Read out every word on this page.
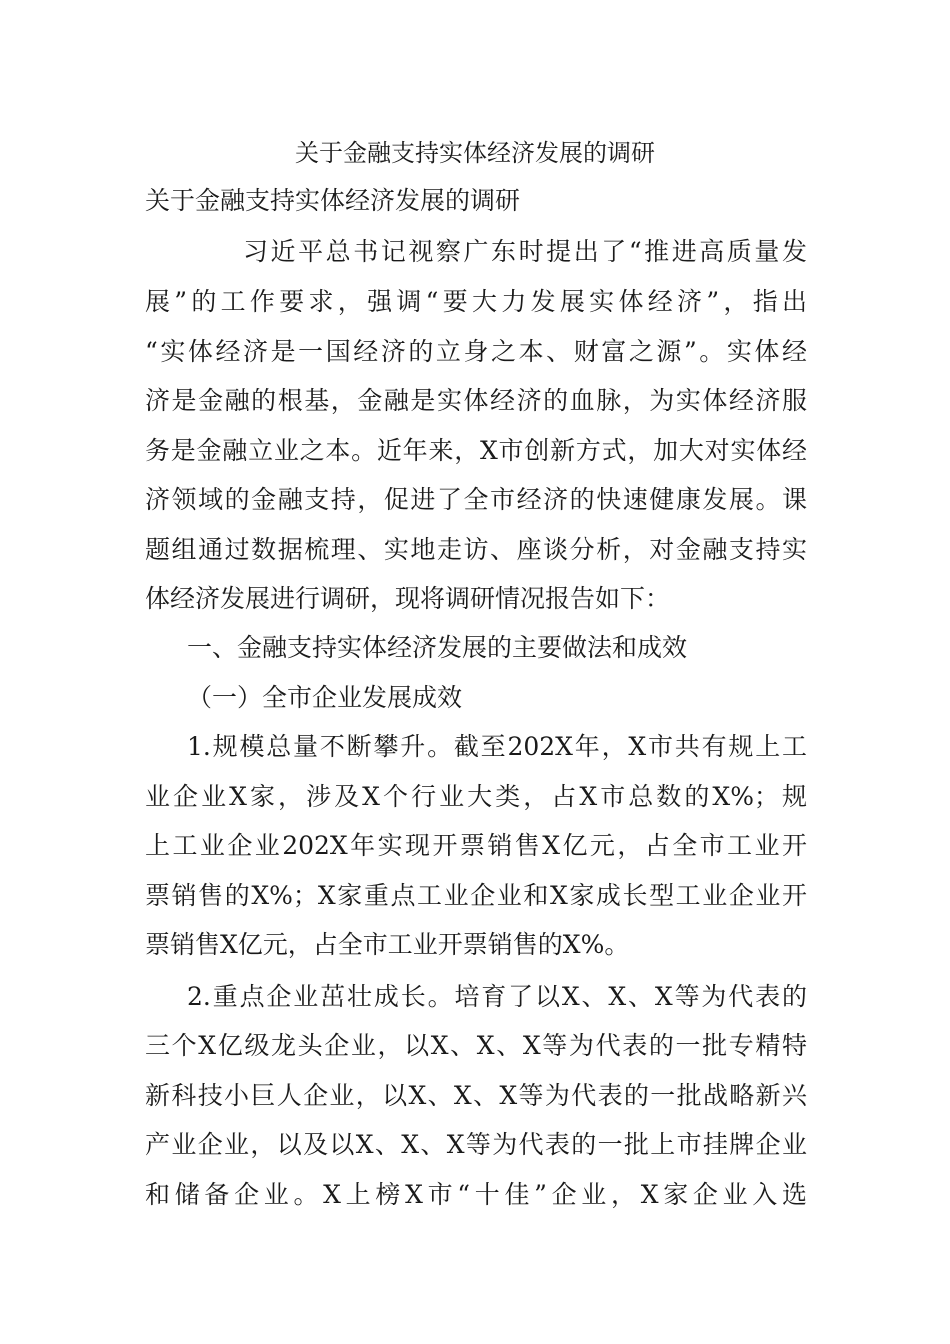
关于金融支持实体经济发展的调研
关于金融支持实体经济发展的调研
习近平总书记视察广东时提出了“推进高质量发
展”的工作要求，强调“要大力发展实体经济”，指出
“实体经济是一国经济的立身之本、财富之源”。实体经
济是金融的根基，金融是实体经济的血脉，为实体经济服
务是金融立业之本。近年来，X市创新方式，加大对实体经
济领域的金融支持，促进了全市经济的快速健康发展。课
题组通过数据梳理、实地走访、座谈分析，对金融支持实
体经济发展进行调研，现将调研情况报告如下：
一、金融支持实体经济发展的主要做法和成效
（一）全市企业发展成效
1.规模总量不断攀升。截至202X年，X市共有规上工
业企业X家，涉及X个行业大类，占X市总数的X%；规
上工业企业202X年实现开票销售X亿元，占全市工业开
票销售的X%；X家重点工业企业和X家成长型工业企业开
票销售X亿元，占全市工业开票销售的X%。
2.重点企业茁壮成长。培育了以X、X、X等为代表的
三个X亿级龙头企业，以X、X、X等为代表的一批专精特
新科技小巨人企业，以X、X、X等为代表的一批战略新兴
产业企业，以及以X、X、X等为代表的一批上市挂牌企业
和储备企业。X上榜X市“十佳”企业，X家企业入选
